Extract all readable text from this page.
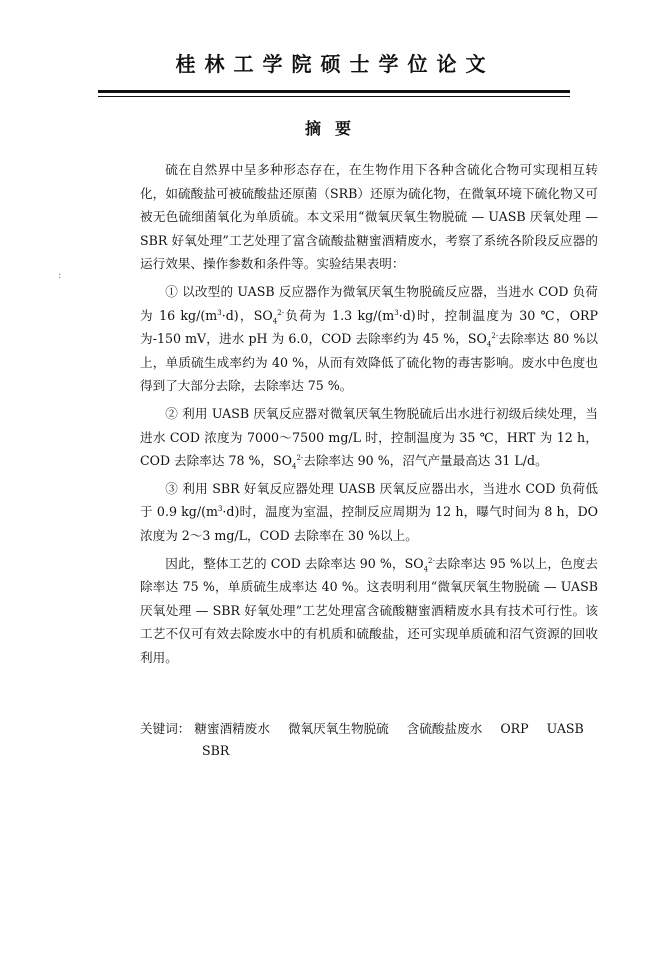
桂林工学院硕士学位论文
:
摘要

硫在自然界中呈多种形态存在，在生物作用下各种含硫化合物可实现相互转化，如硫酸盐可被硫酸盐还原菌（SRB）还原为硫化物，在微氧环境下硫化物又可被无色硫细菌氧化为单质硫。本文采用“微氧厌氧生物脱硫 — UASB 厌氧处理 — SBR 好氧处理”工艺处理了富含硫酸盐糖蜜酒精废水，考察了系统各阶段反应器的运行效果、操作参数和条件等。实验结果表明：

① 以改型的 UASB 反应器作为微氧厌氧生物脱硫反应器，当进水 COD 负荷为 16 $kg/(m^3\cdot d)$，$SO_4^{2-}$负荷为 1.3 $kg/(m^3\cdot d)$时，控制温度为 30 ℃，ORP 为-150 mV，进水 pH 为 6.0，COD 去除率约为 45 %，$SO_4^{2-}$去除率达 80 %以上，单质硫生成率约为 40 %，从而有效降低了硫化物的毒害影响。废水中色度也得到了大部分去除，去除率达 75 %。

② 利用 UASB 厌氧反应器对微氧厌氧生物脱硫后出水进行初级后续处理，当进水 COD 浓度为 7000～7500 mg/L 时，控制温度为 35 ℃，HRT 为 12 h，COD 去除率达 78 %，$SO_4^{2-}$去除率达 90 %，沼气产量最高达 31 L/d。

③ 利用 SBR 好氧反应器处理 UASB 厌氧反应器出水，当进水 COD 负荷低于 0.9 $kg/(m^3\cdot d)$时，温度为室温，控制反应周期为 12 h，曝气时间为 8 h，DO 浓度为 2～3 mg/L，COD 去除率在 30 %以上。

因此，整体工艺的 COD 去除率达 90 %，$SO_4^{2-}$去除率达 95 %以上，色度去除率达 75 %，单质硫生成率达 40 %。这表明利用“微氧厌氧生物脱硫 — UASB 厌氧处理 — SBR 好氧处理”工艺处理富含硫酸糖蜜酒精废水具有技术可行性。该工艺不仅可有效去除废水中的有机质和硫酸盐，还可实现单质硫和沼气资源的回收利用。

关键词： 糖蜜酒精废水 微氧厌氧生物脱硫 含硫酸盐废水 ORP UASB
SBR
